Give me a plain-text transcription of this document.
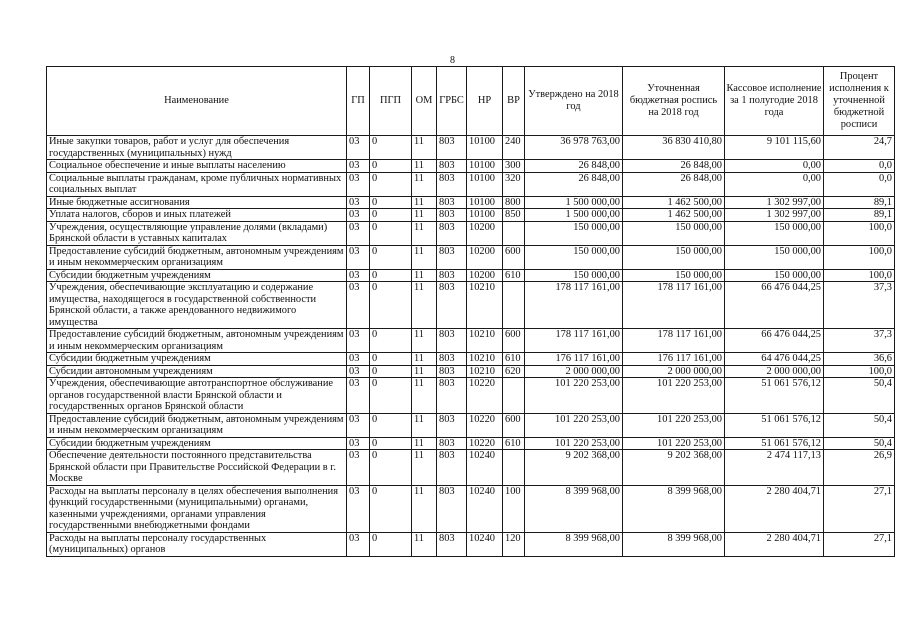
8
Наименование	ГП	ПГП	ОМ	ГРБС	НР	ВР	Утверждено на 2018 год	Уточненная бюджетная роспись на 2018 год	Кассовое исполнение за 1 полугодие 2018 года	Процент исполнения к уточненной бюджетной росписи
Иные закупки товаров, работ и услуг для обеспечения государственных (муниципальных) нужд	03	0	11	803	10100	240	36 978 763,00	36 830 410,80	9 101 115,60	24,7
Социальное обеспечение и иные выплаты населению	03	0	11	803	10100	300	26 848,00	26 848,00	0,00	0,0
Социальные выплаты гражданам, кроме публичных нормативных социальных выплат	03	0	11	803	10100	320	26 848,00	26 848,00	0,00	0,0
Иные бюджетные ассигнования	03	0	11	803	10100	800	1 500 000,00	1 462 500,00	1 302 997,00	89,1
Уплата налогов, сборов и иных платежей	03	0	11	803	10100	850	1 500 000,00	1 462 500,00	1 302 997,00	89,1
Учреждения, осуществляющие управление долями (вкладами) Брянской области в уставных капиталах	03	0	11	803	10200		150 000,00	150 000,00	150 000,00	100,0
Предоставление субсидий бюджетным, автономным учреждениям и иным некоммерческим организациям	03	0	11	803	10200	600	150 000,00	150 000,00	150 000,00	100,0
Субсидии бюджетным учреждениям	03	0	11	803	10200	610	150 000,00	150 000,00	150 000,00	100,0
Учреждения, обеспечивающие эксплуатацию и содержание имущества, находящегося в государственной собственности Брянской области, а также арендованного недвижимого имущества	03	0	11	803	10210		178 117 161,00	178 117 161,00	66 476 044,25	37,3
Предоставление субсидий бюджетным, автономным учреждениям и иным некоммерческим организациям	03	0	11	803	10210	600	178 117 161,00	178 117 161,00	66 476 044,25	37,3
Субсидии бюджетным учреждениям	03	0	11	803	10210	610	176 117 161,00	176 117 161,00	64 476 044,25	36,6
Субсидии автономным учреждениям	03	0	11	803	10210	620	2 000 000,00	2 000 000,00	2 000 000,00	100,0
Учреждения, обеспечивающие автотранспортное обслуживание органов государственной власти Брянской области и государственных органов Брянской области	03	0	11	803	10220		101 220 253,00	101 220 253,00	51 061 576,12	50,4
Предоставление субсидий бюджетным, автономным учреждениям и иным некоммерческим организациям	03	0	11	803	10220	600	101 220 253,00	101 220 253,00	51 061 576,12	50,4
Субсидии бюджетным учреждениям	03	0	11	803	10220	610	101 220 253,00	101 220 253,00	51 061 576,12	50,4
Обеспечение деятельности постоянного представительства Брянской области при Правительстве Российской Федерации в г. Москве	03	0	11	803	10240		9 202 368,00	9 202 368,00	2 474 117,13	26,9
Расходы на выплаты персоналу в целях обеспечения выполнения функций государственными (муниципальными) органами, казенными учреждениями, органами управления государственными внебюджетными фондами	03	0	11	803	10240	100	8 399 968,00	8 399 968,00	2 280 404,71	27,1
Расходы на выплаты персоналу государственных (муниципальных) органов	03	0	11	803	10240	120	8 399 968,00	8 399 968,00	2 280 404,71	27,1
